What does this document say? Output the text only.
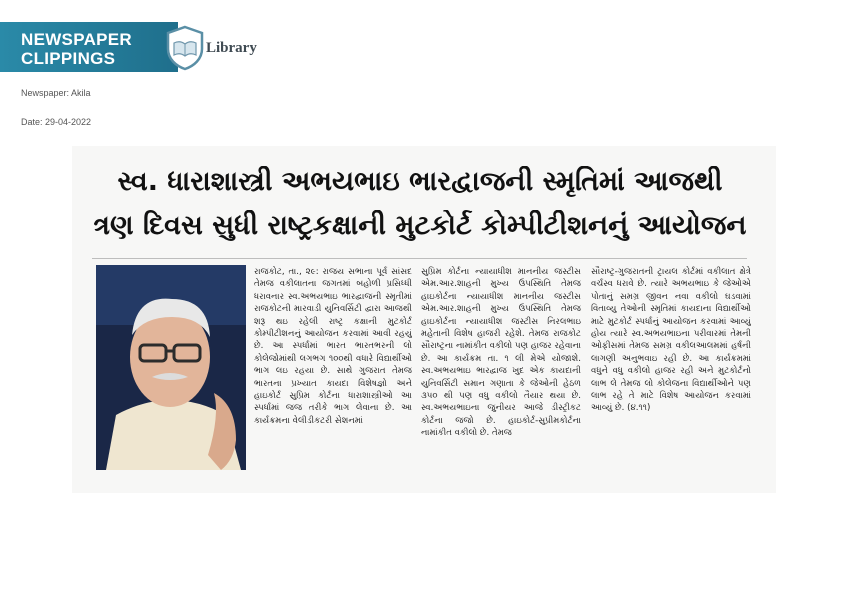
NEWSPAPER
CLIPPINGS
Library
Newspaper: Akila
Date: 29-04-2022
સ્વ. ધારાશાસ્ત્રી અભયભાઇ ભારદ્વાજની સ્મૃતિમાં આજથી
ત્રણ દિવસ સુધી રાષ્ટ્રકક્ષાની મુટકોર્ટ કોમ્પીટીશનનું આયોજન
રાજકોટ, તા., ૨૯: રાજય સભાના પૂર્વ સાંસદ તેમજ વકીલાતના જગતમાં બહોળી પ્રસિધ્ધી ધરાવનાર સ્વ.અભયભાઇ ભારદ્વાજની સ્મૃતીમાં રાજકોટની મારવાડી યુનિવર્સિટી દ્વારા આજથી શરૂ થઇ રહેલી રાષ્ટ્ર કક્ષાની મુટકોર્ટ કોમ્પીટીશનનું આયોજન કરવામાં આવી રહયું છે. આ સ્પર્ધામાં ભારત ભારતભરની લો કોલેજોમાંથી લગભગ ૧૦૦થી વધારે વિદ્યાર્થીઓ ભાગ લઇ રહયા છે. સાથે ગુજરાત તેમજ ભારતના પ્રખ્યાત કાયદા વિશેષજ્ઞો અને હાઇકોર્ટ સુપ્રિમ કોર્ટના ધારાશાસ્ત્રીઓ આ સ્પર્ધામાં જજ તરીકે ભાગ લેવાના છે. આ કાર્યક્રમના વેલીડીકટરી સેશનમાં
સુપ્રિમ કોર્ટના ન્યાયાધીશ માનનીય જસ્ટીસ એમ.આર.શાહની મુખ્ય ઉપસ્થિતિ તેમજ હાઇકોર્ટના ન્યાયાધીશ માનનીય જસ્ટીસ એમ.આર.શાહની મુખ્ય ઉપસ્થિતિ તેમજ હાઇકોર્ટના ન્યાયાધીશ જસ્ટીસ નિરલભાઇ મહેતાની વિશેષ હાજરી રહેશે. તેમજ રાજકોટ સૌરાષ્ટ્રના નામાંકીત વકીલો પણ હાજર રહેવાના છે. આ કાર્યક્રમ તા. ૧ લી મેએ યોજાશે. સ્વ.અભયભાઇ ભારદ્વાજ ખુદ એક કાયદાની યુનિવર્સિટી સમાન ગણાતા કે જેઓની હેઠળ ૩૫૦ થી પણ વધુ વકીલો તૈયાર થયા છે. સ્વ.અભયભાઇના જુનીયર આજે ડીસ્ટ્રીકટ કોર્ટના જજો છે. હાઇકોર્ટ-સુપ્રીમકોર્ટના નામાંકીત વકીલો છે. તેમજ
સૌરાષ્ટ્ર-ગુજરાતની ટ્રાયલ કોર્ટમાં વકીલાત ક્ષેત્રે વર્ચસ્વ ધરાવે છે. ત્યારે અભયભાઇ કે જેઓએ પોતાનું સમગ્ર જીવન નવા વકીલો ઘડવામાં વિતાવ્યુ તેઓની સ્મૃતિમાં કાયદાના વિદ્યાર્થીઓ માટે મુટકોર્ટ સ્પર્ધાનું આયોજન કરવામાં આવ્યું હોય ત્યારે સ્વ.અભયભાઇના પરીવારમાં તેમની ઓફીસમાં તેમજ સમગ્ર વકીલઆલમમાં હર્ષની લાગણી અનુભવાઇ રહી છે. આ કાર્યક્રમમાં વધુને વધુ વકીલો હાજર રહી અને મુટકોર્ટનો લાભ લે તેમજ લો કોલેજના વિદ્યાર્થીઓને પણ લાભ રહે તે માટે વિશેષ આયોજન કરવામાં આવ્યું છે. (૪.૧૧)
